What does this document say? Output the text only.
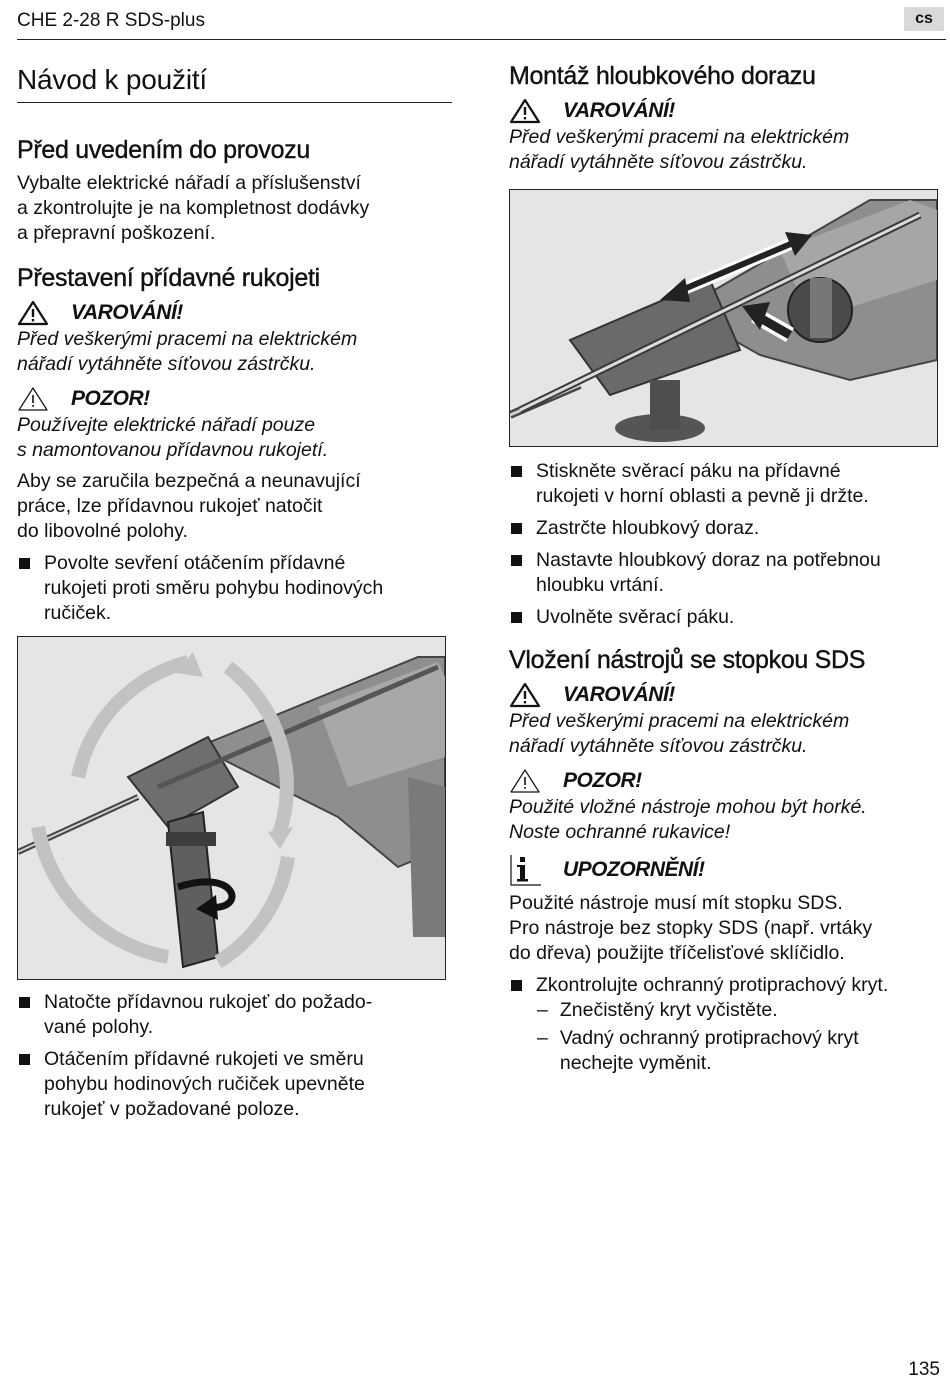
CHE 2-28 R SDS-plus	cs
Návod k použití
Před uvedením do provozu
Vybalte elektrické nářadí a příslušenství
a zkontrolujte je na kompletnost dodávky
a přepravní poškození.
Přestavení přídavné rukojeti
VAROVÁNÍ!
Před veškerými pracemi na elektrickém
nářadí vytáhněte síťovou zástrčku.
POZOR!
Používejte elektrické nářadí pouze
s namontovanou přídavnou rukojetí.
Aby se zaručila bezpečná a neunavující
práce, lze přídavnou rukojeť natočit
do libovolné polohy.
Povolte sevření otáčením přídavné
rukojeti proti směru pohybu hodinových
ručiček.
Natočte přídavnou rukojeť do požado-
vané polohy.
Otáčením přídavné rukojeti ve směru
pohybu hodinových ručiček upevněte
rukojeť v požadované poloze.
Montáž hloubkového dorazu
VAROVÁNÍ!
Před veškerými pracemi na elektrickém
nářadí vytáhněte síťovou zástrčku.
Stiskněte svěrací páku na přídavné
rukojeti v horní oblasti a pevně ji držte.
Zastrčte hloubkový doraz.
Nastavte hloubkový doraz na potřebnou
hloubku vrtání.
Uvolněte svěrací páku.
Vložení nástrojů se stopkou SDS
VAROVÁNÍ!
Před veškerými pracemi na elektrickém
nářadí vytáhněte síťovou zástrčku.
POZOR!
Použité vložné nástroje mohou být horké.
Noste ochranné rukavice!
UPOZORNĚNÍ!
Použité nástroje musí mít stopku SDS.
Pro nástroje bez stopky SDS (např. vrtáky
do dřeva) použijte tříčelisťové sklíčidlo.
Zkontrolujte ochranný protiprachový kryt.
– Znečistěný kryt vyčistěte.
– Vadný ochranný protiprachový kryt
nechejte vyměnit.
135
